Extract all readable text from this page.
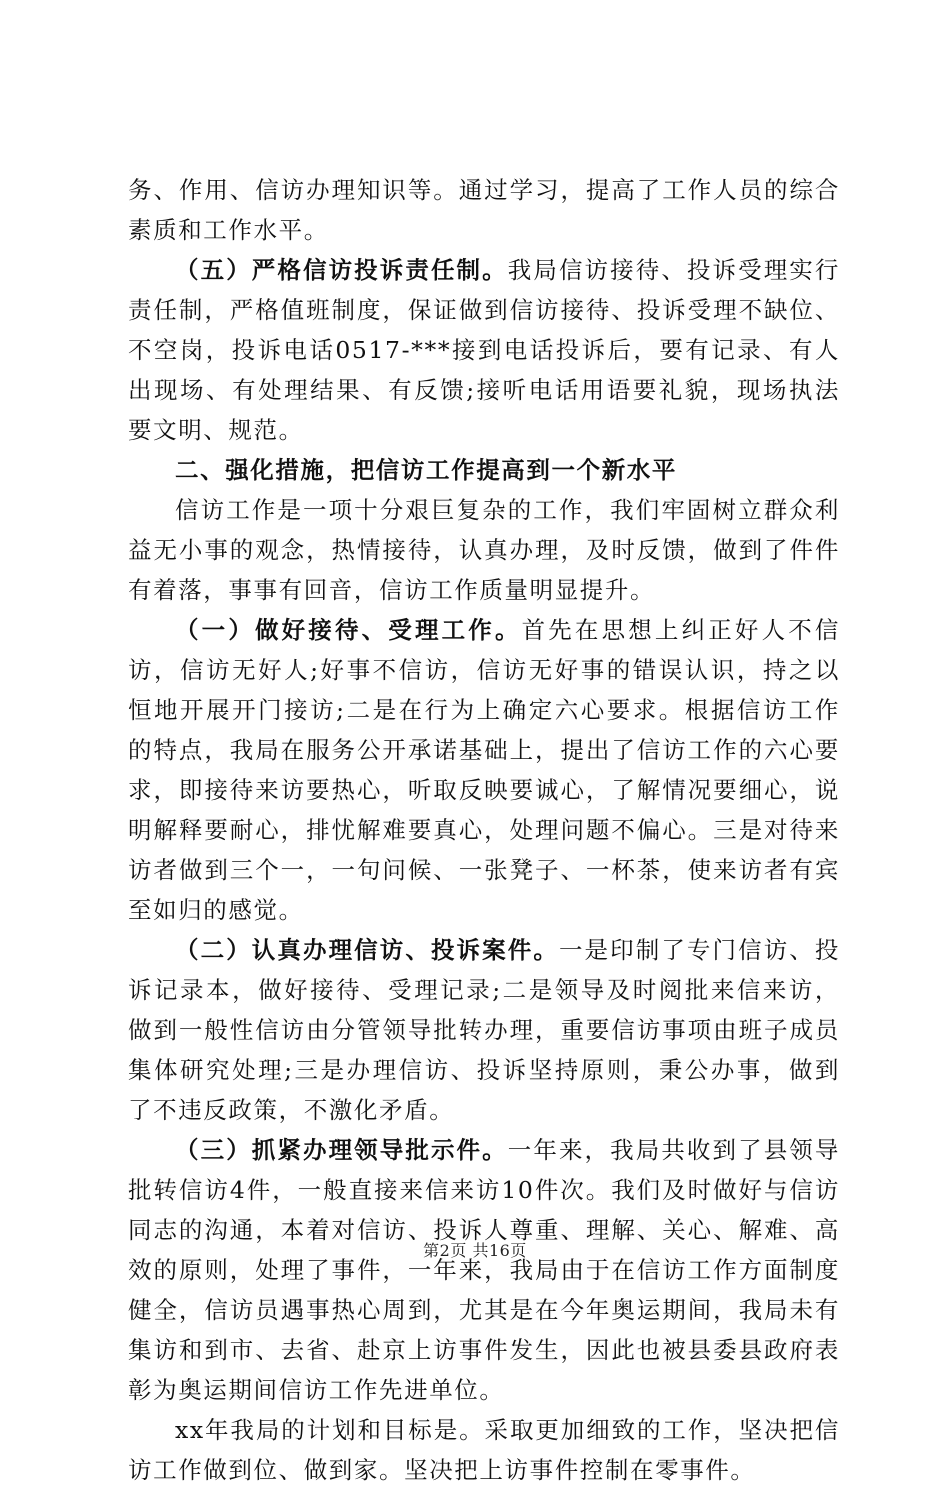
务、作用、信访办理知识等。通过学习，提高了工作人员的综合素质和工作水平。

（五）严格信访投诉责任制。我局信访接待、投诉受理实行责任制，严格值班制度，保证做到信访接待、投诉受理不缺位、不空岗，投诉电话0517-***接到电话投诉后，要有记录、有人出现场、有处理结果、有反馈;接听电话用语要礼貌，现场执法要文明、规范。

二、强化措施，把信访工作提高到一个新水平

信访工作是一项十分艰巨复杂的工作，我们牢固树立群众利益无小事的观念，热情接待，认真办理，及时反馈，做到了件件有着落，事事有回音，信访工作质量明显提升。

（一）做好接待、受理工作。首先在思想上纠正好人不信访，信访无好人;好事不信访，信访无好事的错误认识，持之以恒地开展开门接访;二是在行为上确定六心要求。根据信访工作的特点，我局在服务公开承诺基础上，提出了信访工作的六心要求，即接待来访要热心，听取反映要诚心，了解情况要细心，说明解释要耐心，排忧解难要真心，处理问题不偏心。三是对待来访者做到三个一，一句问候、一张凳子、一杯茶，使来访者有宾至如归的感觉。

（二）认真办理信访、投诉案件。一是印制了专门信访、投诉记录本，做好接待、受理记录;二是领导及时阅批来信来访，做到一般性信访由分管领导批转办理，重要信访事项由班子成员集体研究处理;三是办理信访、投诉坚持原则，秉公办事，做到了不违反政策，不激化矛盾。

（三）抓紧办理领导批示件。一年来，我局共收到了县领导批转信访4件，一般直接来信来访10件次。我们及时做好与信访同志的沟通，本着对信访、投诉人尊重、理解、关心、解难、高效的原则，处理了事件，一年来，我局由于在信访工作方面制度健全，信访员遇事热心周到，尤其是在今年奥运期间，我局未有集访和到市、去省、赴京上访事件发生，因此也被县委县政府表彰为奥运期间信访工作先进单位。

xx年我局的计划和目标是。采取更加细致的工作，坚决把信访工作做到位、做到家。坚决把上访事件控制在零事件。

第2页 共16页
